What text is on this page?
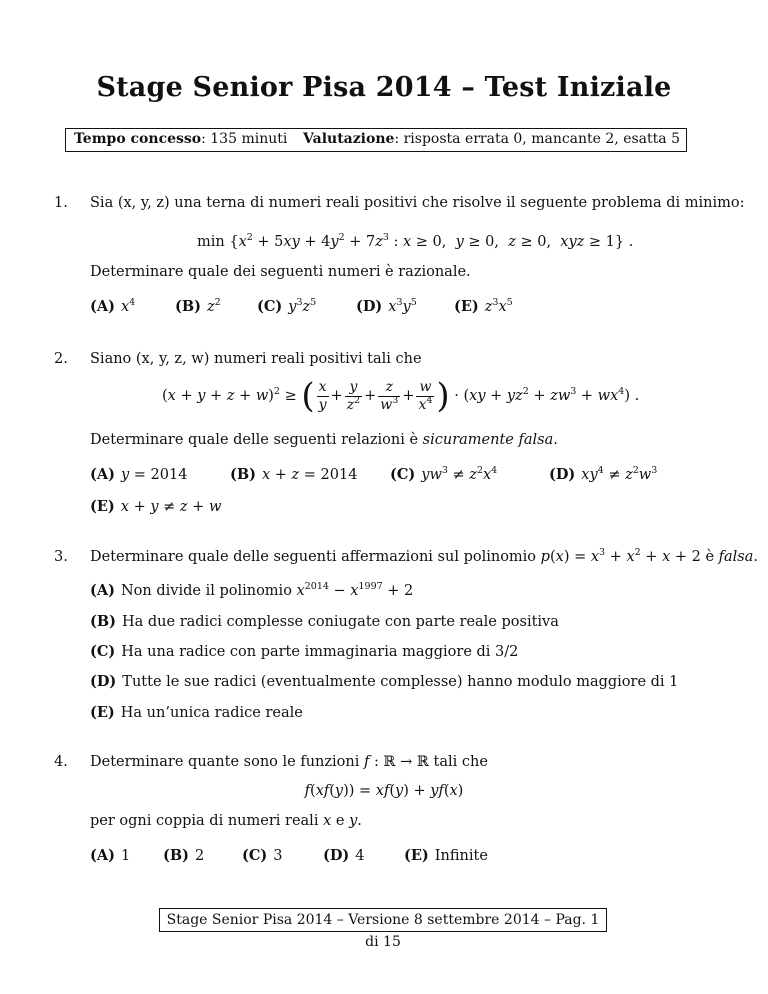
Stage Senior Pisa 2014 – Test Iniziale
Tempo concesso: 135 minuti Valutazione: risposta errata 0, mancante 2, esatta 5
1. Sia (x, y, z) una terna di numeri reali positivi che risolve il seguente problema di minimo:
$\min \{x^2 + 5xy + 4y^2 + 7z^3$ : x ≥ 0,  y ≥ 0,  z ≥ 0,  xyz ≥ 1} .
Determinare quale dei seguenti numeri è razionale.
(A) $x^4$	(B) $z^2$	(C) $y^3z^5$	(D) $x^3y^5$	(E) $z^3x^5$
2. Siano (x, y, z, w) numeri reali positivi tali che
$(x + y + z + w)^2$ ≥ ( $\frac{x}{y} + \frac{y}{z^2} + \frac{z}{w^3} + \frac{w}{x^4}$ ) · $(xy + yz^2 + zw^3 + wx^4)$ .
Determinare quale delle seguenti relazioni è sicuramente falsa.
(A) y = 2014	(B) x + z = 2014 (C) $yw^3 \ne z^2x^4$	(D) $xy^4 \ne z^2w^3$
(E) x + y ≠ z + w
3. Determinare quale delle seguenti affermazioni sul polinomio $p(x) = x^3 + x^2 + x + 2$ è falsa.
(A) Non divide il polinomio $x^{2014} - x^{1997} + 2$
(B) Ha due radici complesse coniugate con parte reale positiva
(C) Ha una radice con parte immaginaria maggiore di 3/2
(D) Tutte le sue radici (eventualmente complesse) hanno modulo maggiore di 1
(E) Ha un’unica radice reale
4. Determinare quante sono le funzioni f : ℝ → ℝ tali che
f(xf(y)) = xf(y) + yf(x)
per ogni coppia di numeri reali x e y.
(A) 1 (B) 2	(C) 3	(D) 4	(E) Infinite
Stage Senior Pisa 2014 – Versione 8 settembre 2014 – Pag. 1 di 15
